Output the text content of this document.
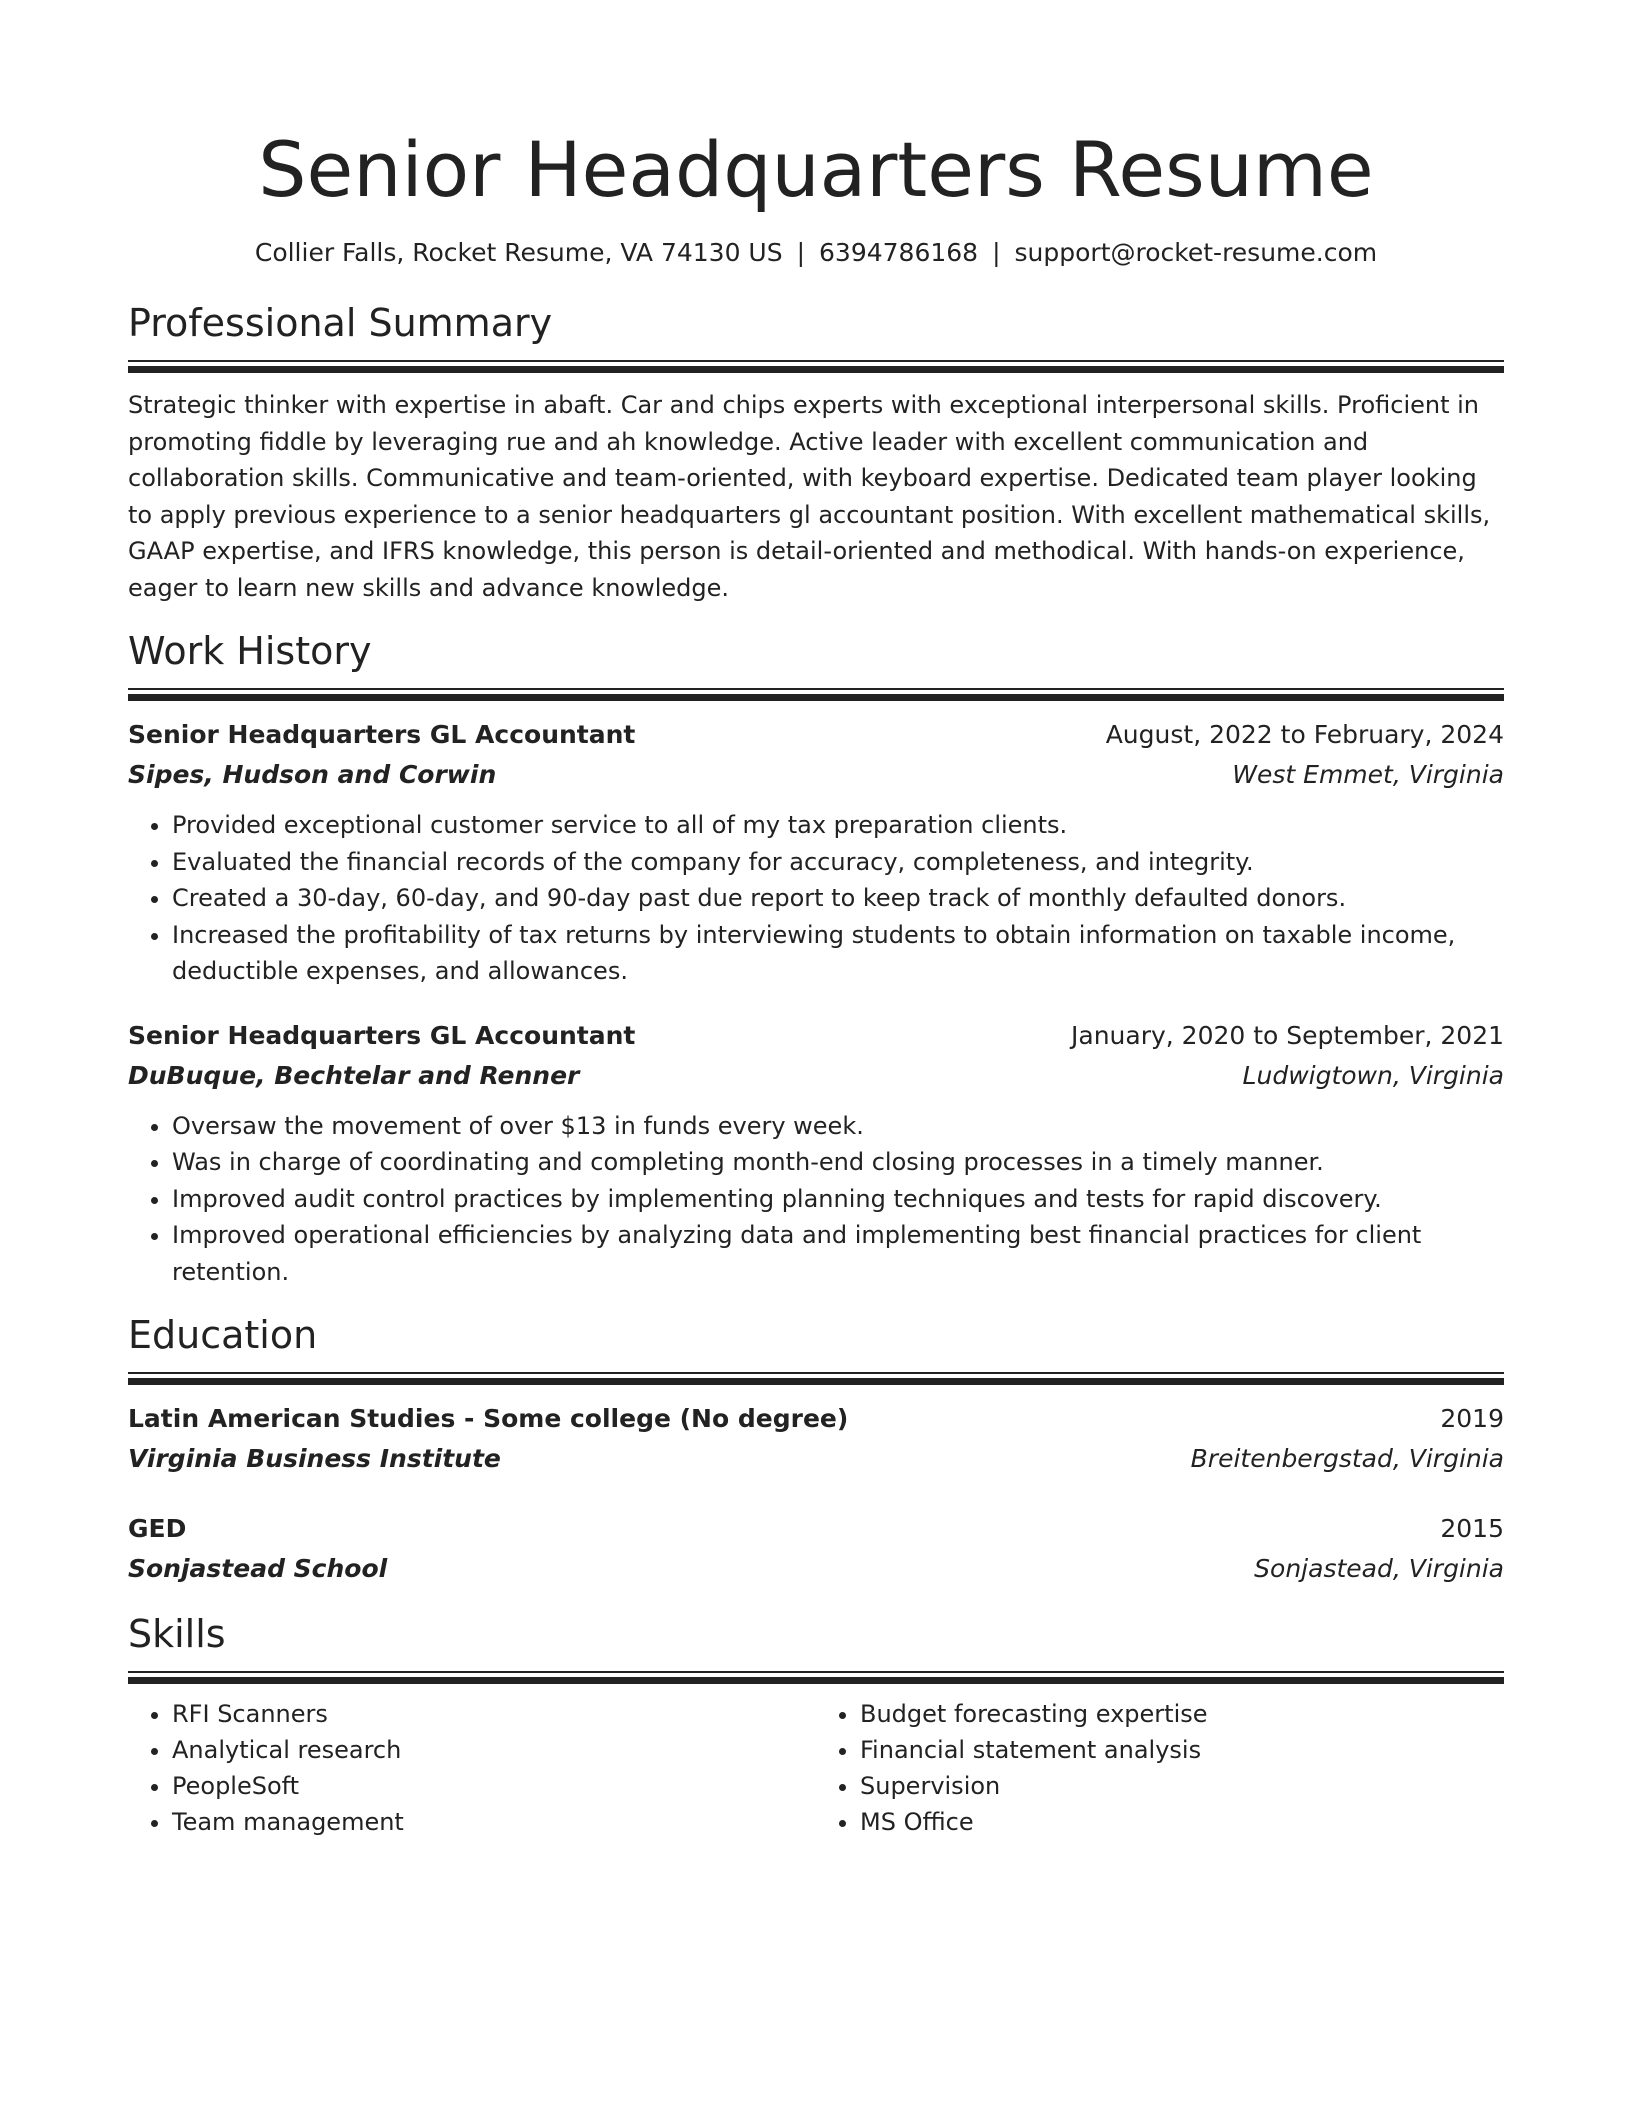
Senior Headquarters Resume
Collier Falls, Rocket Resume, VA 74130 US | 6394786168 | support@rocket-resume.com
Professional Summary
Strategic thinker with expertise in abaft. Car and chips experts with exceptional interpersonal skills. Proficient in promoting fiddle by leveraging rue and ah knowledge. Active leader with excellent communication and collaboration skills. Communicative and team-oriented, with keyboard expertise. Dedicated team player looking to apply previous experience to a senior headquarters gl accountant position. With excellent mathematical skills, GAAP expertise, and IFRS knowledge, this person is detail-oriented and methodical. With hands-on experience, eager to learn new skills and advance knowledge.
Work History
Senior Headquarters GL Accountant	August, 2022 to February, 2024
Sipes, Hudson and Corwin	West Emmet, Virginia
• Provided exceptional customer service to all of my tax preparation clients.
• Evaluated the financial records of the company for accuracy, completeness, and integrity.
• Created a 30-day, 60-day, and 90-day past due report to keep track of monthly defaulted donors.
• Increased the profitability of tax returns by interviewing students to obtain information on taxable income, deductible expenses, and allowances.
Senior Headquarters GL Accountant	January, 2020 to September, 2021
DuBuque, Bechtelar and Renner	Ludwigtown, Virginia
• Oversaw the movement of over $13 in funds every week.
• Was in charge of coordinating and completing month-end closing processes in a timely manner.
• Improved audit control practices by implementing planning techniques and tests for rapid discovery.
• Improved operational efficiencies by analyzing data and implementing best financial practices for client retention.
Education
Latin American Studies - Some college (No degree)	2019
Virginia Business Institute	Breitenbergstad, Virginia
GED	2015
Sonjastead School	Sonjastead, Virginia
Skills
• RFI Scanners
• Analytical research
• PeopleSoft
• Team management
• Budget forecasting expertise
• Financial statement analysis
• Supervision
• MS Office
